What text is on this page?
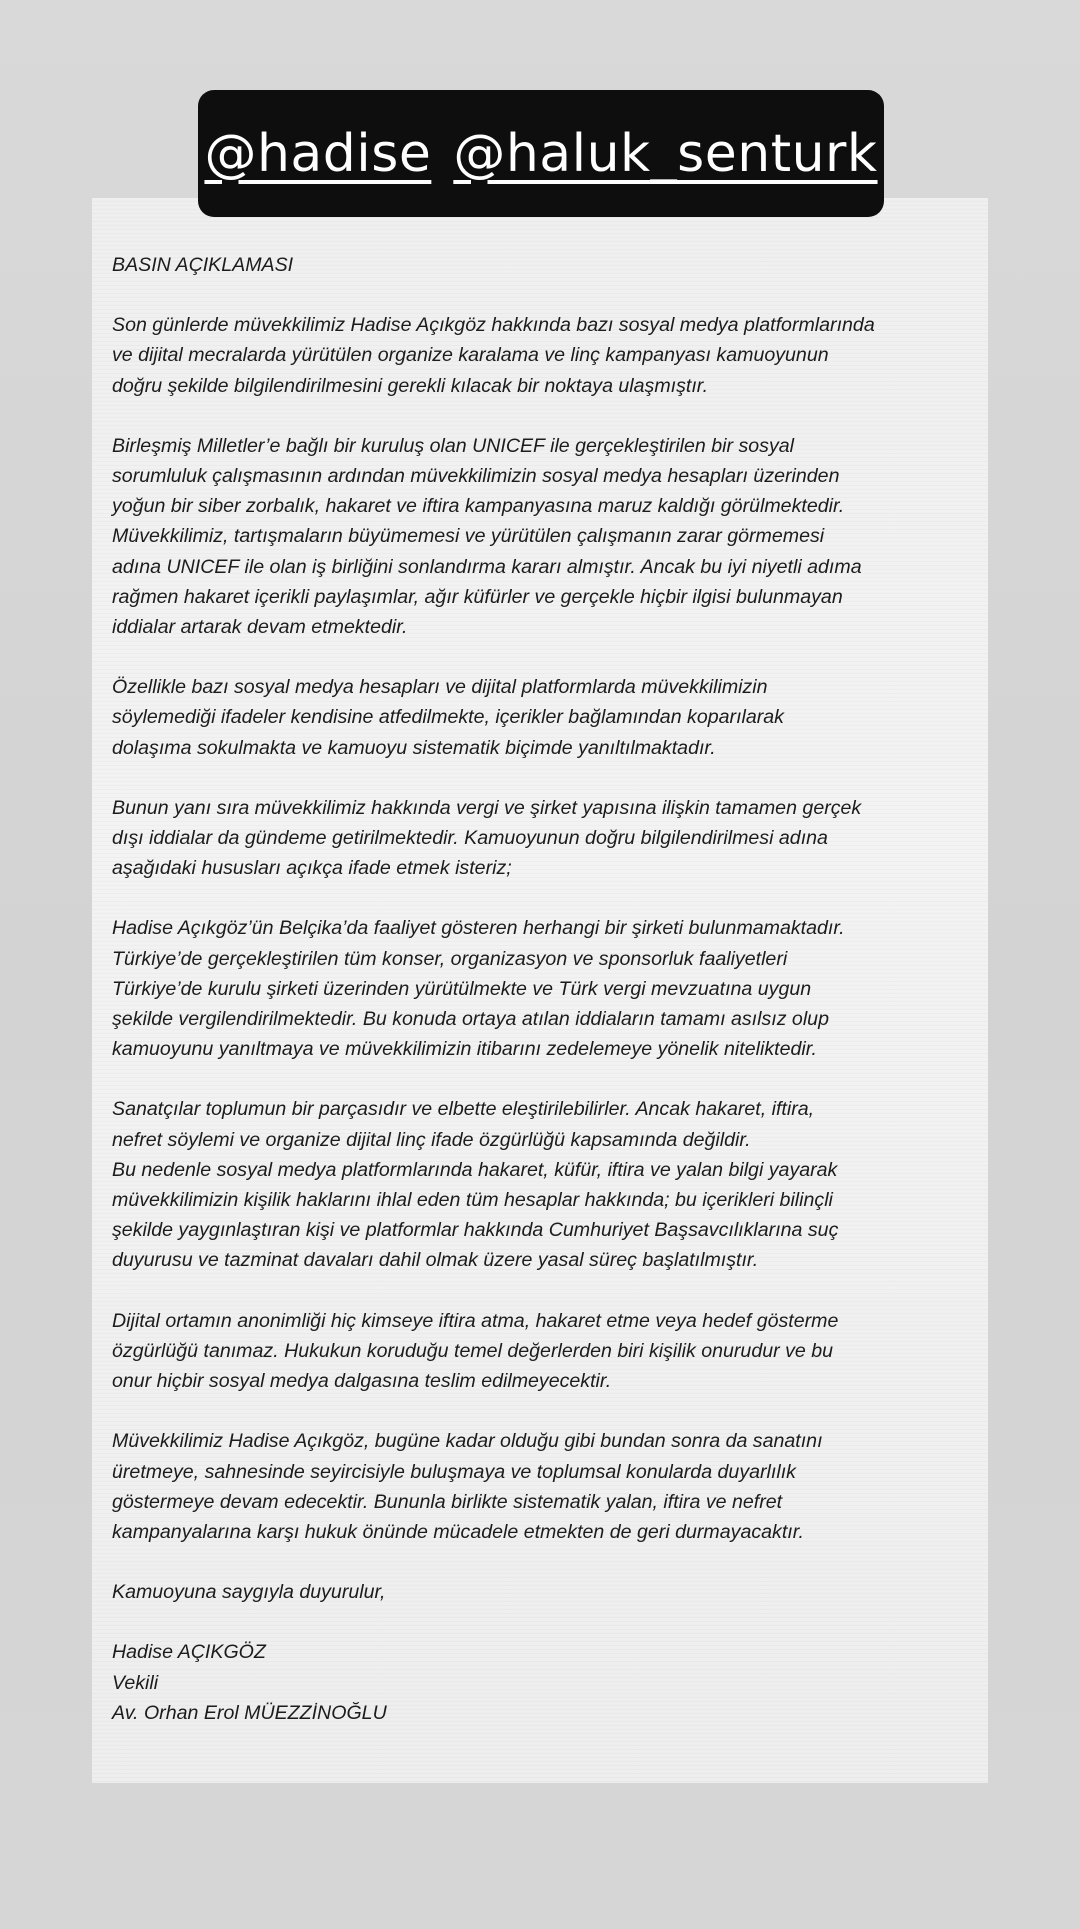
@hadise @haluk_senturk
BASIN AÇIKLAMASI
Son günlerde müvekkilimiz Hadise Açıkgöz hakkında bazı sosyal medya platformlarında
ve dijital mecralarda yürütülen organize karalama ve linç kampanyası kamuoyunun
doğru şekilde bilgilendirilmesini gerekli kılacak bir noktaya ulaşmıştır.
Birleşmiş Milletler’e bağlı bir kuruluş olan UNICEF ile gerçekleştirilen bir sosyal
sorumluluk çalışmasının ardından müvekkilimizin sosyal medya hesapları üzerinden
yoğun bir siber zorbalık, hakaret ve iftira kampanyasına maruz kaldığı görülmektedir.
Müvekkilimiz, tartışmaların büyümemesi ve yürütülen çalışmanın zarar görmemesi
adına UNICEF ile olan iş birliğini sonlandırma kararı almıştır. Ancak bu iyi niyetli adıma
rağmen hakaret içerikli paylaşımlar, ağır küfürler ve gerçekle hiçbir ilgisi bulunmayan
iddialar artarak devam etmektedir.
Özellikle bazı sosyal medya hesapları ve dijital platformlarda müvekkilimizin
söylemediği ifadeler kendisine atfedilmekte, içerikler bağlamından koparılarak
dolaşıma sokulmakta ve kamuoyu sistematik biçimde yanıltılmaktadır.
Bunun yanı sıra müvekkilimiz hakkında vergi ve şirket yapısına ilişkin tamamen gerçek
dışı iddialar da gündeme getirilmektedir. Kamuoyunun doğru bilgilendirilmesi adına
aşağıdaki hususları açıkça ifade etmek isteriz;
Hadise Açıkgöz’ün Belçika’da faaliyet gösteren herhangi bir şirketi bulunmamaktadır.
Türkiye’de gerçekleştirilen tüm konser, organizasyon ve sponsorluk faaliyetleri
Türkiye’de kurulu şirketi üzerinden yürütülmekte ve Türk vergi mevzuatına uygun
şekilde vergilendirilmektedir. Bu konuda ortaya atılan iddiaların tamamı asılsız olup
kamuoyunu yanıltmaya ve müvekkilimizin itibarını zedelemeye yönelik niteliktedir.
Sanatçılar toplumun bir parçasıdır ve elbette eleştirilebilirler. Ancak hakaret, iftira,
nefret söylemi ve organize dijital linç ifade özgürlüğü kapsamında değildir.
Bu nedenle sosyal medya platformlarında hakaret, küfür, iftira ve yalan bilgi yayarak
müvekkilimizin kişilik haklarını ihlal eden tüm hesaplar hakkında; bu içerikleri bilinçli
şekilde yaygınlaştıran kişi ve platformlar hakkında Cumhuriyet Başsavcılıklarına suç
duyurusu ve tazminat davaları dahil olmak üzere yasal süreç başlatılmıştır.
Dijital ortamın anonimliği hiç kimseye iftira atma, hakaret etme veya hedef gösterme
özgürlüğü tanımaz. Hukukun koruduğu temel değerlerden biri kişilik onurudur ve bu
onur hiçbir sosyal medya dalgasına teslim edilmeyecektir.
Müvekkilimiz Hadise Açıkgöz, bugüne kadar olduğu gibi bundan sonra da sanatını
üretmeye, sahnesinde seyircisiyle buluşmaya ve toplumsal konularda duyarlılık
göstermeye devam edecektir. Bununla birlikte sistematik yalan, iftira ve nefret
kampanyalarına karşı hukuk önünde mücadele etmekten de geri durmayacaktır.
Kamuoyuna saygıyla duyurulur,
Hadise AÇIKGÖZ
Vekili
Av. Orhan Erol MÜEZZİNOĞLU
